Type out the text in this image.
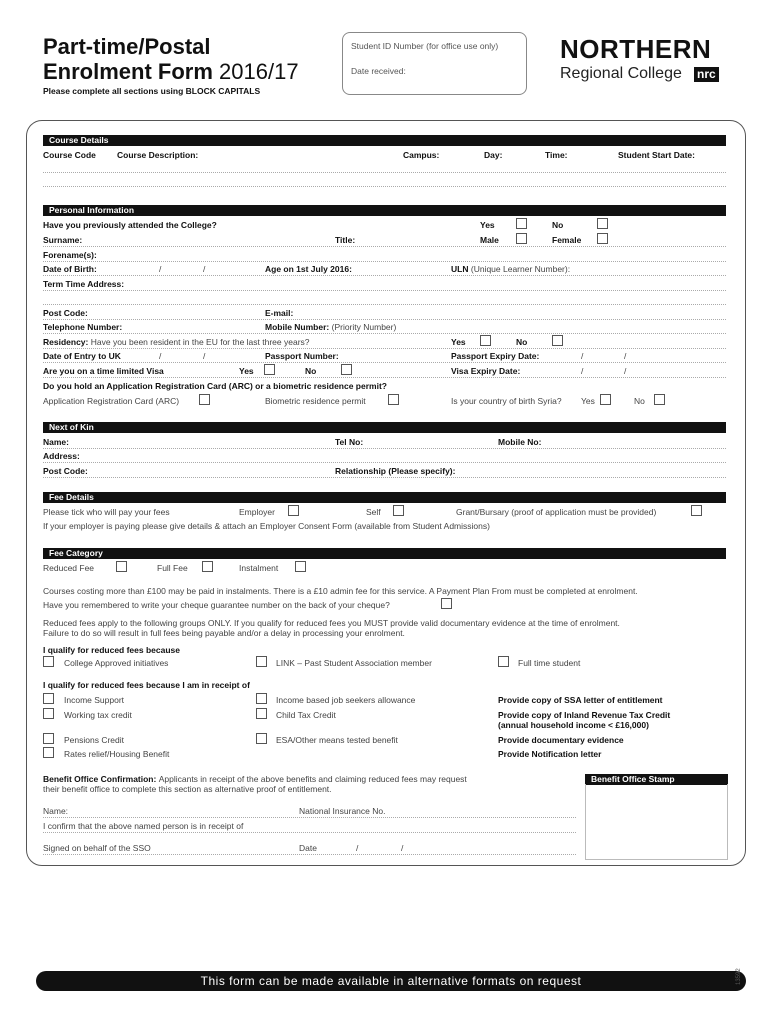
Part-time/Postal
Enrolment Form 2016/17
Please complete all sections using BLOCK CAPITALS
Student ID Number (for office use only)
Date received:
NORTHERN
Regional College nrc
Course Details
Course Code Course Description:	Campus:	Day:	Time:	Student Start Date:
Personal Information
Have you previously attended the College?	Yes	No
Surname:	Title:	Male	Female
Forename(s):
Date of Birth:	/	/	Age on 1st July 2016:	ULN (Unique Learner Number):
Term Time Address:
Post Code:	E-mail:
Telephone Number:	Mobile Number: (Priority Number)
Residency: Have you been resident in the EU for the last three years?	Yes	No
Date of Entry to UK	/	/	Passport Number:	Passport Expiry Date:	/	/
Are you on a time limited Visa	Yes	No	Visa Expiry Date:	/	/
Do you hold an Application Registration Card (ARC) or a biometric residence permit?
Application Registration Card (ARC)	Biometric residence permit	Is your country of birth Syria? Yes	No
Next of Kin
Name:	Tel No:	Mobile No:
Address:
Post Code:	Relationship (Please specify):
Fee Details
Please tick who will pay your fees	Employer	Self	Grant/Bursary (proof of application must be provided)
If your employer is paying please give details & attach an Employer Consent Form (available from Student Admissions)
Fee Category
Reduced Fee	Full Fee	Instalment
Courses costing more than £100 may be paid in instalments. There is a £10 admin fee for this service. A Payment Plan From must be completed at enrolment.
Have you remembered to write your cheque guarantee number on the back of your cheque?
Reduced fees apply to the following groups ONLY. If you qualify for reduced fees you MUST provide valid documentary evidence at the time of enrolment.
Failure to do so will result in full fees being payable and/or a delay in processing your enrolment.
I qualify for reduced fees because
College Approved initiatives	LINK – Past Student Association member	Full time student
I qualify for reduced fees because I am in receipt of
Income Support	Income based job seekers allowance	Provide copy of SSA letter of entitlement
Working tax credit	Child Tax Credit	Provide copy of Inland Revenue Tax Credit
(annual household income < £16,000)
Pensions Credit	ESA/Other means tested benefit	Provide documentary evidence
Rates relief/Housing Benefit	Provide Notification letter
Benefit Office Confirmation: Applicants in receipt of the above benefits and claiming reduced fees may request
their benefit office to complete this section as alternative proof of entitlement.
Benefit Office Stamp
Name:	National Insurance No.
I confirm that the above named person is in receipt of
Signed on behalf of the SSO	Date	/	/
This form can be made available in alternative formats on request	13592
